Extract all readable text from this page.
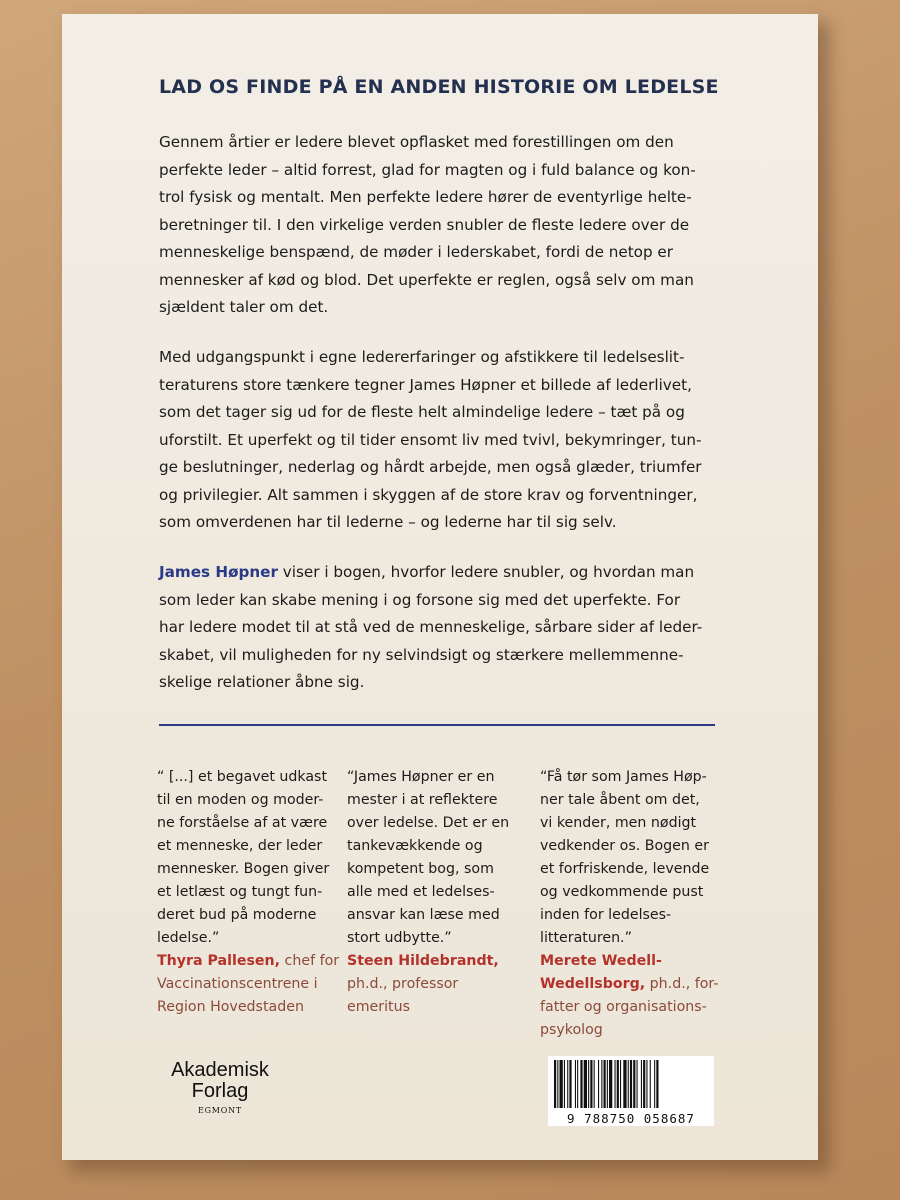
LAD OS FINDE PÅ EN ANDEN HISTORIE OM LEDELSE
Gennem årtier er ledere blevet opflasket med forestillingen om den
perfekte leder – altid forrest, glad for magten og i fuld balance og kon-
trol fysisk og mentalt. Men perfekte ledere hører de eventyrlige helte-
beretninger til. I den virkelige verden snubler de fleste ledere over de
menneskelige benspænd, de møder i lederskabet, fordi de netop er
mennesker af kød og blod. Det uperfekte er reglen, også selv om man
sjældent taler om det.
Med udgangspunkt i egne ledererfaringer og afstikkere til ledelseslit-
teraturens store tænkere tegner James Høpner et billede af lederlivet,
som det tager sig ud for de fleste helt almindelige ledere – tæt på og
uforstilt. Et uperfekt og til tider ensomt liv med tvivl, bekymringer, tun-
ge beslutninger, nederlag og hårdt arbejde, men også glæder, triumfer
og privilegier. Alt sammen i skyggen af de store krav og forventninger,
som omverdenen har til lederne – og lederne har til sig selv.
James Høpner viser i bogen, hvorfor ledere snubler, og hvordan man
som leder kan skabe mening i og forsone sig med det uperfekte. For
har ledere modet til at stå ved de menneskelige, sårbare sider af leder-
skabet, vil muligheden for ny selvindsigt og stærkere mellemmenne-
skelige relationer åbne sig.
“ [...] et begavet udkast
til en moden og moder-
ne forståelse af at være
et menneske, der leder
mennesker. Bogen giver
et letlæst og tungt fun-
deret bud på moderne
ledelse.”
Thyra Pallesen, chef for
Vaccinationscentrene i
Region Hovedstaden
“James Høpner er en
mester i at reflektere
over ledelse. Det er en
tankevækkende og
kompetent bog, som
alle med et ledelses-
ansvar kan læse med
stort udbytte.”
Steen Hildebrandt,
ph.d., professor
emeritus
“Få tør som James Høp-
ner tale åbent om det,
vi kender, men nødigt
vedkender os. Bogen er
et forfriskende, levende
og vedkommende pust
inden for ledelses-
litteraturen.”
Merete Wedell-
Wedellsborg, ph.d., for-
fatter og organisations-
psykolog
Akademisk
Forlag
EGMONT
9 788750 058687
